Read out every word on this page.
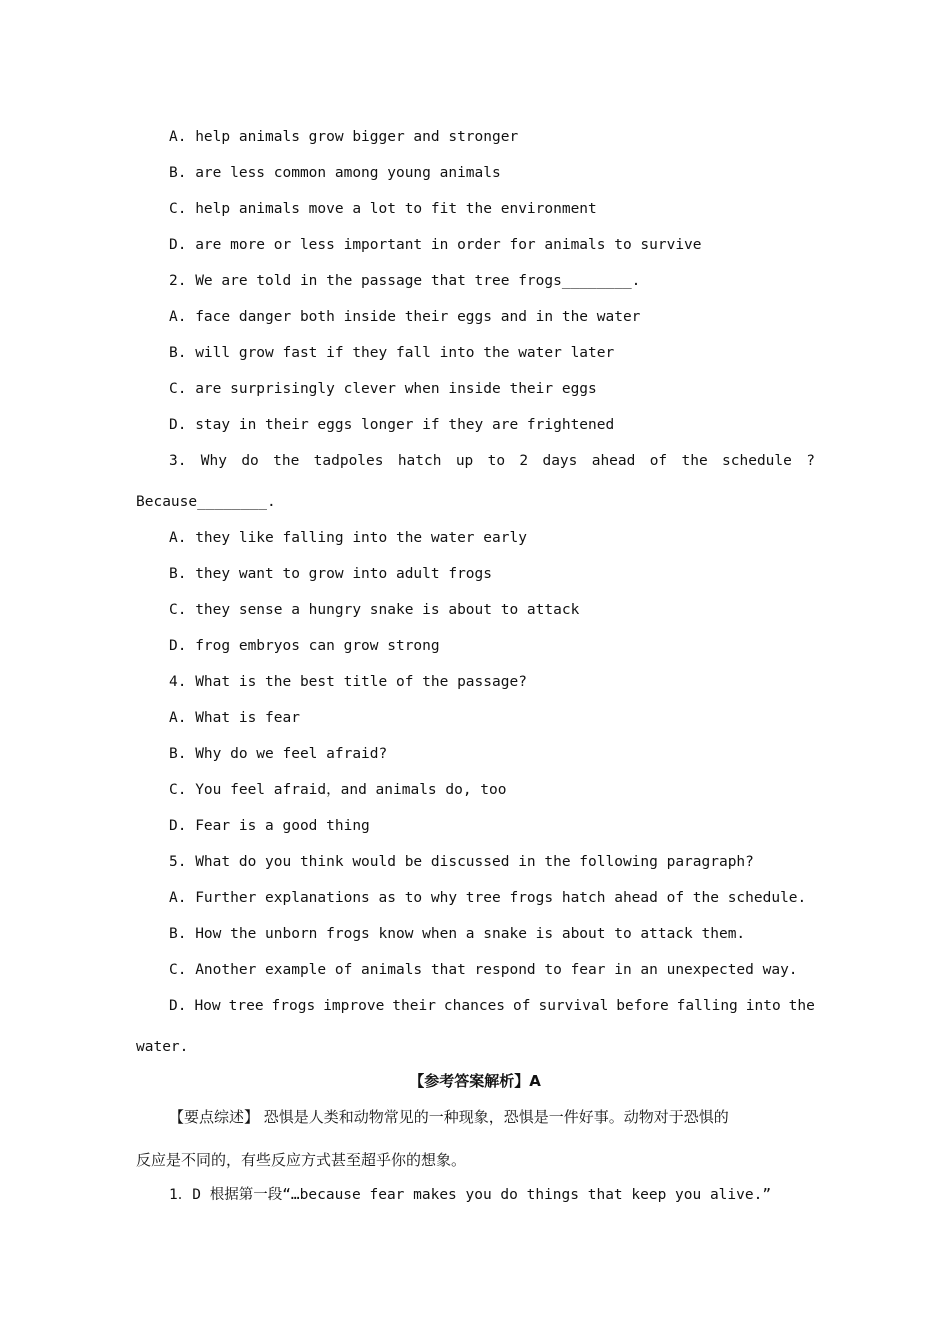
A. help animals grow bigger and stronger
B. are less common among young animals
C. help animals move a lot to fit the environment
D. are more or less important in order for animals to survive
2. We are told in the passage that tree frogs________.
A. face danger both inside their eggs and in the water
B. will grow fast if they fall into the water later
C. are surprisingly clever when inside their eggs
D. stay in their eggs longer if they are frightened
3. Why do the tadpoles hatch up to 2 days ahead of the schedule ?
Because________.
A. they like falling into the water early
B. they want to grow into adult frogs
C. they sense a hungry snake is about to attack
D. frog embryos can grow strong
4. What is the best title of the passage?
A. What is fear
B. Why do we feel afraid?
C. You feel afraid，and animals do, too
D. Fear is a good thing
5. What do you think would be discussed in the following paragraph?
A. Further explanations as to why tree frogs hatch ahead of the schedule.
B. How the unborn frogs know when a snake is about to attack them.
C. Another example of animals that respond to fear in an unexpected way.
D. How tree frogs improve their chances of survival before falling into the
water.
【参考答案解析】A
【要点综述】 恐惧是人类和动物常见的一种现象，恐惧是一件好事。动物对于恐惧的
反应是不同的，有些反应方式甚至超乎你的想象。
1．D 根据第一段“…because fear makes you do things that keep you alive.”
